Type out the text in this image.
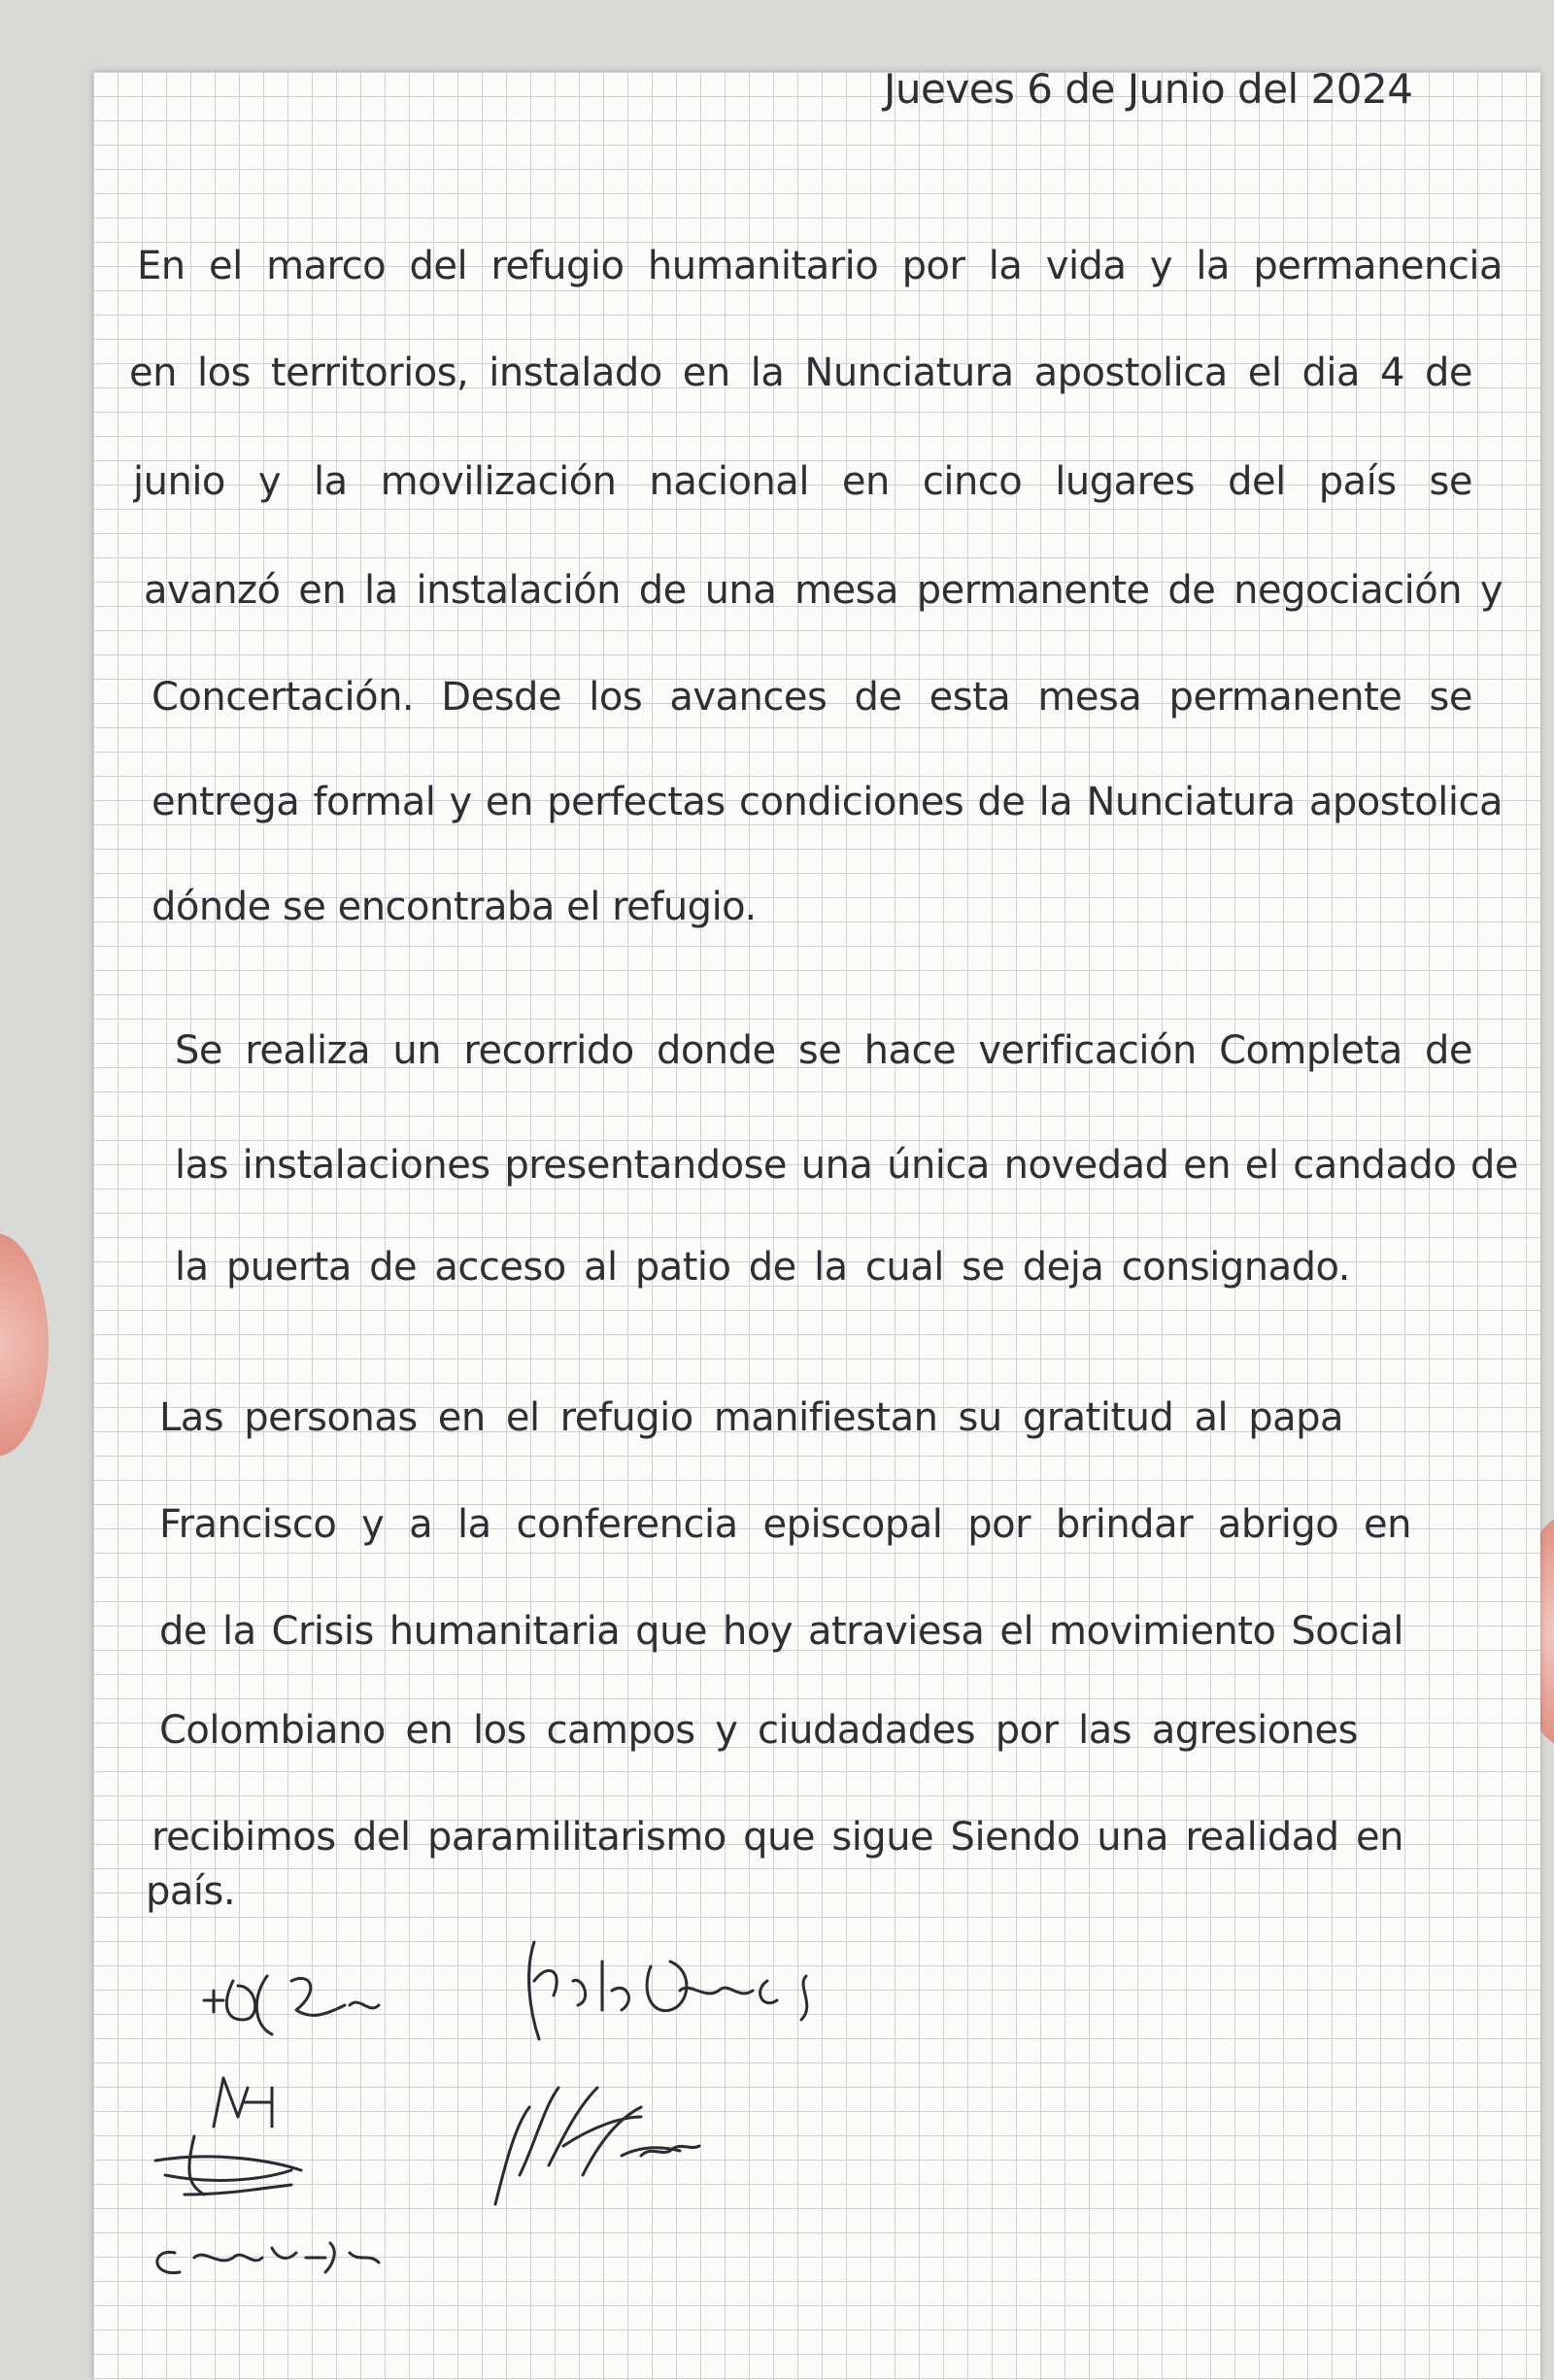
Jueves 6 de Junio del 2024
En el marco del refugio humanitario por la vida y la permanencia
en los territorios, instalado en la Nunciatura apostolica el dia 4 de
junio y la movilización nacional en cinco lugares del país se
avanzó en la instalación de una mesa permanente de negociación y
Concertación. Desde los avances de esta mesa permanente se
entrega formal y en perfectas condiciones de la Nunciatura apostolica
dónde se encontraba el refugio.
Se realiza un recorrido donde se hace verificación Completa de
las instalaciones presentandose una única novedad en el candado de
la puerta de acceso al patio de la cual se deja consignado.
Las personas en el refugio manifiestan su gratitud al papa
Francisco y a la conferencia episcopal por brindar abrigo en
de la Crisis humanitaria que hoy atraviesa el movimiento Social
Colombiano en los campos y ciudadades por las agresiones
recibimos del paramilitarismo que sigue Siendo una realidad en
país.
